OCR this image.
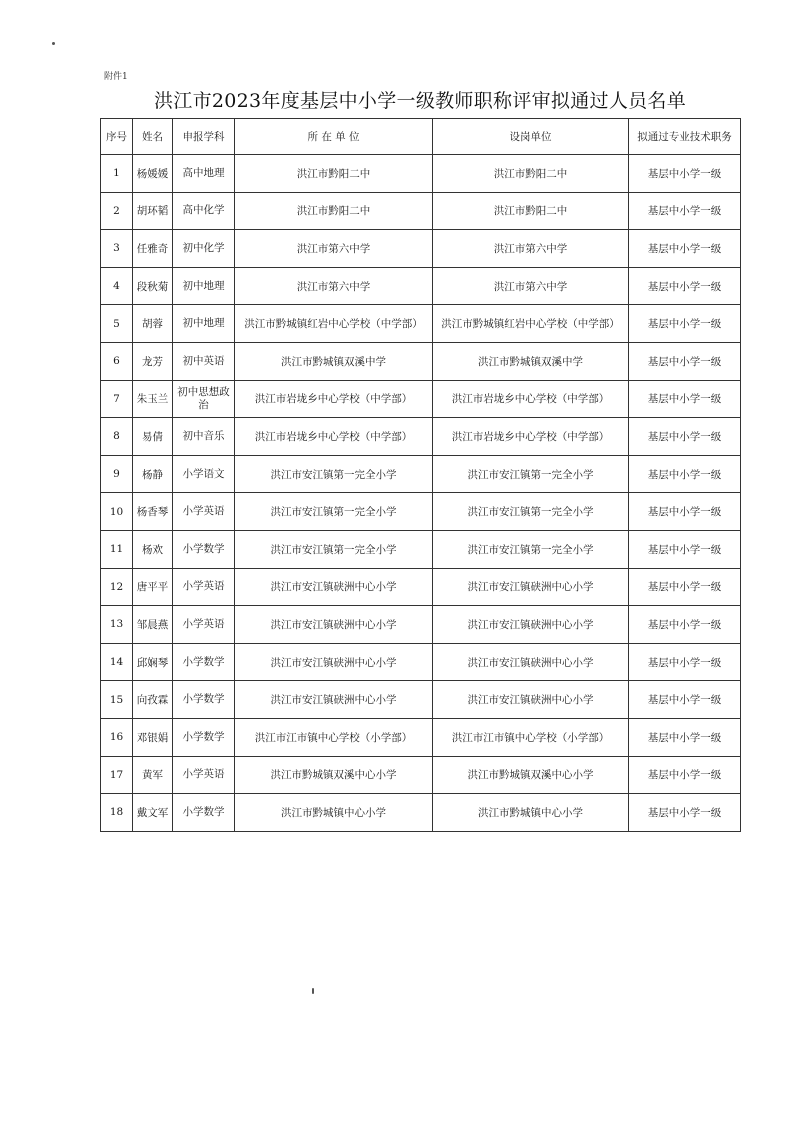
附件1
洪江市2023年度基层中小学一级教师职称评审拟通过人员名单
序号	姓名	申报学科	所 在 单 位	设岗单位	拟通过专业技术职务
1	杨媛媛	高中地理	洪江市黔阳二中	洪江市黔阳二中	基层中小学一级
2	胡环韬	高中化学	洪江市黔阳二中	洪江市黔阳二中	基层中小学一级
3	任雅奇	初中化学	洪江市第六中学	洪江市第六中学	基层中小学一级
4	段秋菊	初中地理	洪江市第六中学	洪江市第六中学	基层中小学一级
5	胡蓉	初中地理	洪江市黔城镇红岩中心学校（中学部）	洪江市黔城镇红岩中心学校（中学部）	基层中小学一级
6	龙芳	初中英语	洪江市黔城镇双溪中学	洪江市黔城镇双溪中学	基层中小学一级
7	朱玉兰	初中思想政治	洪江市岩垅乡中心学校（中学部）	洪江市岩垅乡中心学校（中学部）	基层中小学一级
8	易倩	初中音乐	洪江市岩垅乡中心学校（中学部）	洪江市岩垅乡中心学校（中学部）	基层中小学一级
9	杨静	小学语文	洪江市安江镇第一完全小学	洪江市安江镇第一完全小学	基层中小学一级
10	杨香琴	小学英语	洪江市安江镇第一完全小学	洪江市安江镇第一完全小学	基层中小学一级
11	杨欢	小学数学	洪江市安江镇第一完全小学	洪江市安江镇第一完全小学	基层中小学一级
12	唐平平	小学英语	洪江市安江镇硖洲中心小学	洪江市安江镇硖洲中心小学	基层中小学一级
13	邹晨燕	小学英语	洪江市安江镇硖洲中心小学	洪江市安江镇硖洲中心小学	基层中小学一级
14	邱娴琴	小学数学	洪江市安江镇硖洲中心小学	洪江市安江镇硖洲中心小学	基层中小学一级
15	向孜霖	小学数学	洪江市安江镇硖洲中心小学	洪江市安江镇硖洲中心小学	基层中小学一级
16	邓银娟	小学数学	洪江市江市镇中心学校（小学部）	洪江市江市镇中心学校（小学部）	基层中小学一级
17	黄军	小学英语	洪江市黔城镇双溪中心小学	洪江市黔城镇双溪中心小学	基层中小学一级
18	戴文军	小学数学	洪江市黔城镇中心小学	洪江市黔城镇中心小学	基层中小学一级
